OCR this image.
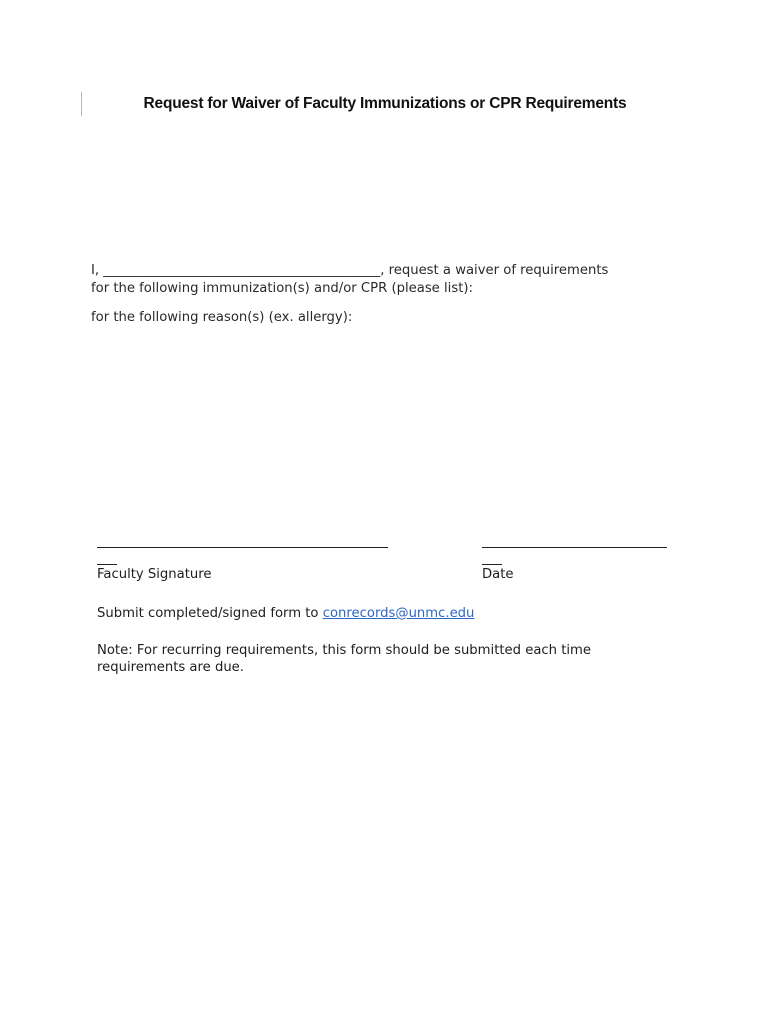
Request for Waiver of Faculty Immunizations or CPR Requirements
I, __________________________________________, request a waiver of requirements
for the following immunization(s) and/or CPR (please list):
for the following reason(s) (ex. allergy):
Faculty Signature	Date
Submit completed/signed form to conrecords@unmc.edu
Note: For recurring requirements, this form should be submitted each time requirements are due.
